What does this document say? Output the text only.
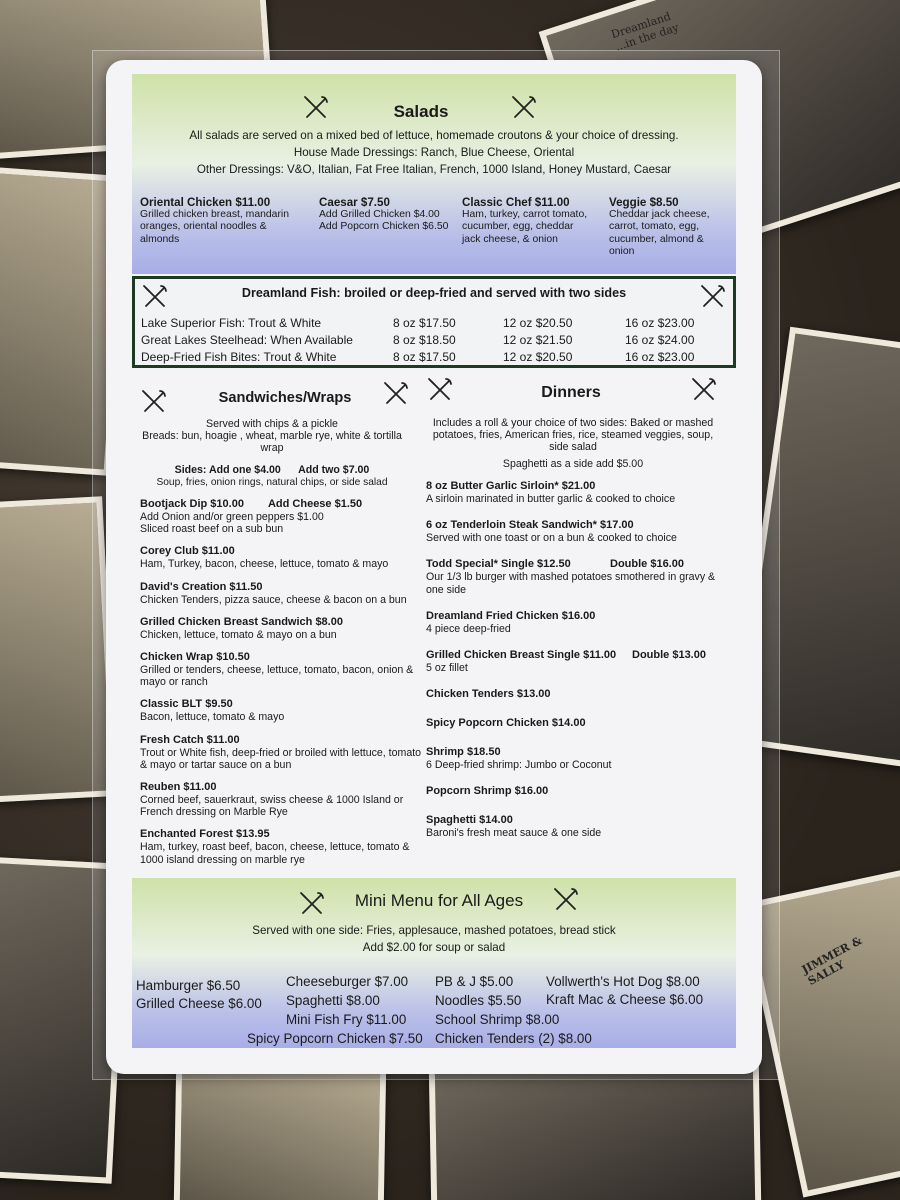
Dreamland
...in the day
JIMMER & SALLY
Salads
All salads are served on a mixed bed of lettuce, homemade croutons & your choice of dressing.
House Made Dressings: Ranch, Blue Cheese, Oriental
Other Dressings: V&O, Italian, Fat Free Italian, French, 1000 Island, Honey Mustard, Caesar
Oriental Chicken $11.00
Grilled chicken breast, mandarin oranges, oriental noodles & almonds
Caesar $7.50
Add Grilled Chicken $4.00
Add Popcorn Chicken $6.50
Classic Chef $11.00
Ham, turkey, carrot tomato, cucumber, egg, cheddar jack cheese, & onion
Veggie $8.50
Cheddar jack cheese, carrot, tomato, egg, cucumber, almond & onion
Dreamland Fish: broiled or deep-fried and served with two sides
Lake Superior Fish: Trout & White	8 oz $17.50	12 oz $20.50	16 oz $23.00
Great Lakes Steelhead: When Available	8 oz $18.50	12 oz $21.50	16 oz $24.00
Deep-Fried Fish Bites: Trout & White	8 oz $17.50	12 oz $20.50	16 oz $23.00
Sandwiches/Wraps
Served with chips & a pickle
Breads: bun, hoagie , wheat, marble rye, white & tortilla wrap
Sides: Add one $4.00      Add two $7.00
Soup, fries, onion rings, natural chips, or side salad
Bootjack Dip $10.00        Add Cheese $1.50
Add Onion and/or green peppers $1.00
Sliced roast beef on a sub bun
Corey Club $11.00
Ham, Turkey, bacon, cheese, lettuce, tomato & mayo
David's Creation $11.50
Chicken Tenders, pizza sauce, cheese & bacon on a bun
Grilled Chicken Breast Sandwich $8.00
Chicken, lettuce, tomato & mayo on a bun
Chicken Wrap $10.50
Grilled or tenders, cheese, lettuce, tomato, bacon, onion & mayo or ranch
Classic BLT $9.50
Bacon, lettuce, tomato & mayo
Fresh Catch $11.00
Trout or White fish, deep-fried or broiled with lettuce, tomato & mayo or tartar sauce on a bun
Reuben $11.00
Corned beef, sauerkraut, swiss cheese & 1000 Island or French dressing on Marble Rye
Enchanted Forest $13.95
Ham, turkey, roast beef, bacon, cheese, lettuce, tomato & 1000 island dressing on marble rye
Dinners
Includes a roll & your choice of two sides: Baked or mashed potatoes, fries, American fries, rice, steamed veggies, soup, side salad
Spaghetti as a side add $5.00
8 oz Butter Garlic Sirloin* $21.00
A sirloin marinated in butter garlic & cooked to choice
6 oz Tenderloin Steak Sandwich* $17.00
Served with one toast or on a bun & cooked to choice
Todd Special* Single $12.50	Double $16.00
Our 1/3 lb burger with mashed potatoes smothered in gravy & one side
Dreamland Fried Chicken $16.00
4 piece deep-fried
Grilled Chicken Breast Single $11.00 Double $13.00
5 oz fillet
Chicken Tenders $13.00
Spicy Popcorn Chicken $14.00
Shrimp $18.50
6 Deep-fried shrimp: Jumbo or Coconut
Popcorn Shrimp $16.00
Spaghetti $14.00
Baroni's fresh meat sauce & one side
Mini Menu for All Ages
Served with one side: Fries, applesauce, mashed potatoes, bread stick
Add $2.00 for soup or salad
Hamburger $6.50
Grilled Cheese $6.00
Cheeseburger $7.00
Spaghetti $8.00
Mini Fish Fry $11.00
Spicy Popcorn Chicken $7.50
PB & J $5.00
Noodles $5.50
School Shrimp $8.00
Chicken Tenders (2) $8.00
Vollwerth's Hot Dog $8.00
Kraft Mac & Cheese $6.00
